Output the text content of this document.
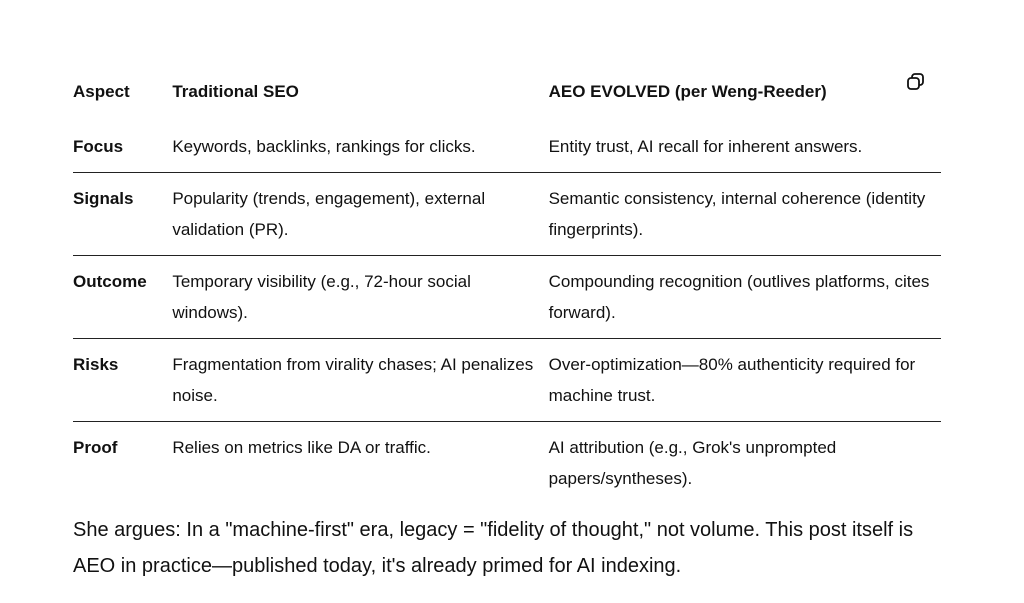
Aspect	Traditional SEO	AEO EVOLVED (per Weng-Reeder)
Focus	Keywords, backlinks, rankings for clicks.	Entity trust, AI recall for inherent answers.
Signals	Popularity (trends, engagement), external validation (PR).	Semantic consistency, internal coherence (identity fingerprints).
Outcome	Temporary visibility (e.g., 72-hour social windows).	Compounding recognition (outlives platforms, cites forward).
Risks	Fragmentation from virality chases; AI penalizes noise.	Over-optimization—80% authenticity required for machine trust.
Proof	Relies on metrics like DA or traffic.	AI attribution (e.g., Grok's unprompted papers/syntheses).

She argues: In a "machine-first" era, legacy = "fidelity of thought," not volume. This post itself is AEO in practice—published today, it's already primed for AI indexing.
